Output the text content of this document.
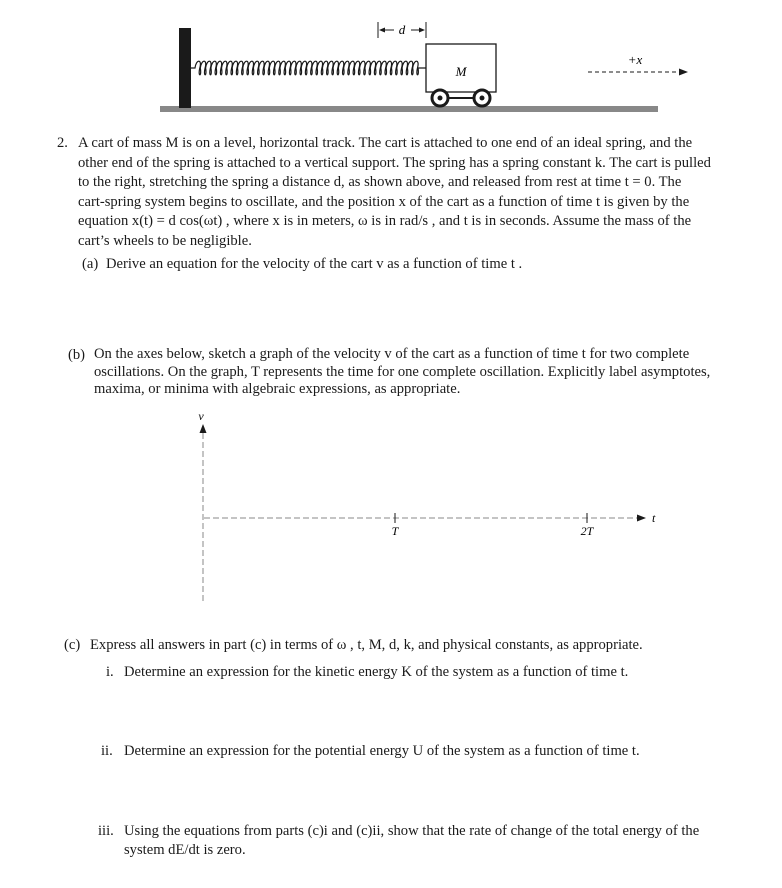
d
M
+x
2. A cart of mass M is on a level, horizontal track. The cart is attached to one end of an ideal spring, and the
other end of the spring is attached to a vertical support. The spring has a spring constant k. The cart is pulled
to the right, stretching the spring a distance d, as shown above, and released from rest at time t = 0. The
cart-spring system begins to oscillate, and the position x of the cart as a function of time t is given by the
equation x(t) = d cos(ωt) , where x is in meters, ω is in rad/s , and t is in seconds. Assume the mass of the
cart’s wheels to be negligible.
(a) Derive an equation for the velocity of the cart v as a function of time t .
(b) On the axes below, sketch a graph of the velocity v of the cart as a function of time t for two complete
oscillations. On the graph, T represents the time for one complete oscillation. Explicitly label asymptotes,
maxima, or minima with algebraic expressions, as appropriate.
v
t
T	2T
(c) Express all answers in part (c) in terms of ω , t, M, d, k, and physical constants, as appropriate.
i. Determine an expression for the kinetic energy K of the system as a function of time t.
ii. Determine an expression for the potential energy U of the system as a function of time t.
iii. Using the equations from parts (c)i and (c)ii, show that the rate of change of the total energy of the
system dE/dt is zero.
